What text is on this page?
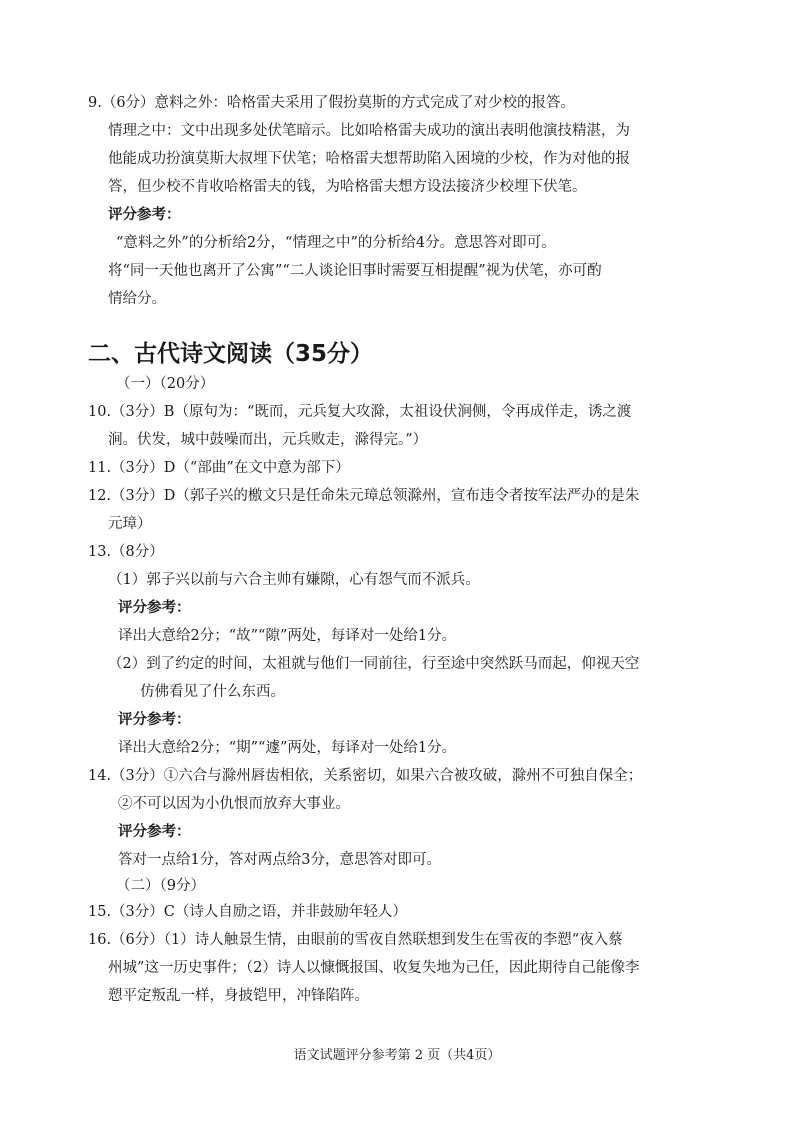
9.（6分）意料之外：哈格雷夫采用了假扮莫斯的方式完成了对少校的报答。
情理之中：文中出现多处伏笔暗示。比如哈格雷夫成功的演出表明他演技精湛，为
他能成功扮演莫斯大叔埋下伏笔；哈格雷夫想帮助陷入困境的少校，作为对他的报
答，但少校不肯收哈格雷夫的钱，为哈格雷夫想方设法接济少校埋下伏笔。
评分参考：
“意料之外”的分析给2分，“情理之中”的分析给4分。意思答对即可。
将“同一天他也离开了公寓”“二人谈论旧事时需要互相提醒”视为伏笔，亦可酌
情给分。
二、古代诗文阅读（35分）
（一）（20分）
10.（3分）B（原句为：“既而，元兵复大攻滁，太祖设伏涧侧，令再成佯走，诱之渡
涧。伏发，城中鼓噪而出，元兵败走，滁得完。”）
11.（3分）D（“部曲”在文中意为部下）
12.（3分）D（郭子兴的檄文只是任命朱元璋总领滁州，宣布违令者按军法严办的是朱
元璋）
13.（8分）
（1）郭子兴以前与六合主帅有嫌隙，心有怨气而不派兵。
评分参考：
译出大意给2分；“故”“隙”两处，每译对一处给1分。
（2）到了约定的时间，太祖就与他们一同前往，行至途中突然跃马而起，仰视天空
仿佛看见了什么东西。
评分参考：
译出大意给2分；“期”“遽”两处，每译对一处给1分。
14.（3分）①六合与滁州唇齿相依，关系密切，如果六合被攻破，滁州不可独自保全；
②不可以因为小仇恨而放弃大事业。
评分参考：
答对一点给1分，答对两点给3分，意思答对即可。
（二）（9分）
15.（3分）C（诗人自励之语，并非鼓励年轻人）
16.（6分）（1）诗人触景生情，由眼前的雪夜自然联想到发生在雪夜的李愬“夜入蔡
州城”这一历史事件；（2）诗人以慷慨报国、收复失地为己任，因此期待自己能像李
愬平定叛乱一样，身披铠甲，冲锋陷阵。
语文试题评分参考第 2 页（共4页）
